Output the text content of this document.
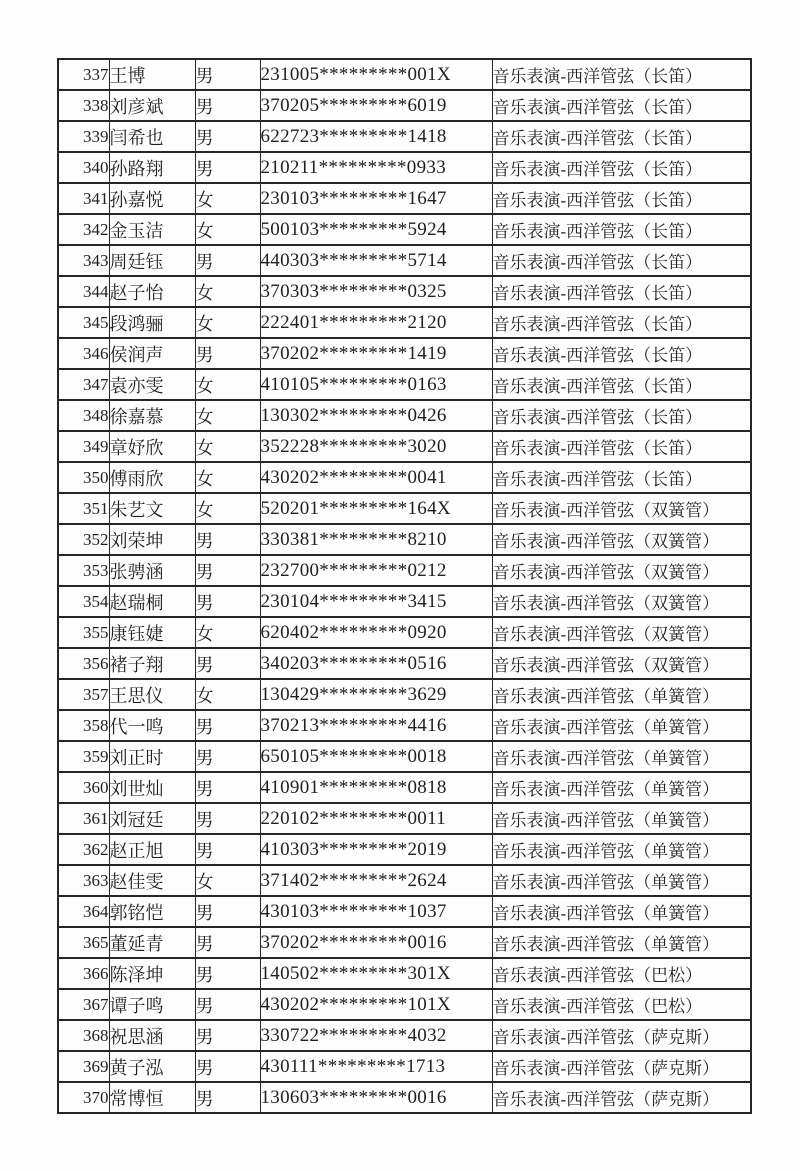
337	王博	男	231005*********001X	音乐表演-西洋管弦（长笛）
338	刘彦斌	男	370205*********6019	音乐表演-西洋管弦（长笛）
339	闫希也	男	622723*********1418	音乐表演-西洋管弦（长笛）
340	孙路翔	男	210211*********0933	音乐表演-西洋管弦（长笛）
341	孙嘉悦	女	230103*********1647	音乐表演-西洋管弦（长笛）
342	金玉洁	女	500103*********5924	音乐表演-西洋管弦（长笛）
343	周廷钰	男	440303*********5714	音乐表演-西洋管弦（长笛）
344	赵子怡	女	370303*********0325	音乐表演-西洋管弦（长笛）
345	段鸿骊	女	222401*********2120	音乐表演-西洋管弦（长笛）
346	侯润声	男	370202*********1419	音乐表演-西洋管弦（长笛）
347	袁亦雯	女	410105*********0163	音乐表演-西洋管弦（长笛）
348	徐嘉慕	女	130302*********0426	音乐表演-西洋管弦（长笛）
349	章妤欣	女	352228*********3020	音乐表演-西洋管弦（长笛）
350	傅雨欣	女	430202*********0041	音乐表演-西洋管弦（长笛）
351	朱艺文	女	520201*********164X	音乐表演-西洋管弦（双簧管）
352	刘荣坤	男	330381*********8210	音乐表演-西洋管弦（双簧管）
353	张骋涵	男	232700*********0212	音乐表演-西洋管弦（双簧管）
354	赵瑞桐	男	230104*********3415	音乐表演-西洋管弦（双簧管）
355	康钰婕	女	620402*********0920	音乐表演-西洋管弦（双簧管）
356	褚子翔	男	340203*********0516	音乐表演-西洋管弦（双簧管）
357	王思仪	女	130429*********3629	音乐表演-西洋管弦（单簧管）
358	代一鸣	男	370213*********4416	音乐表演-西洋管弦（单簧管）
359	刘正时	男	650105*********0018	音乐表演-西洋管弦（单簧管）
360	刘世灿	男	410901*********0818	音乐表演-西洋管弦（单簧管）
361	刘冠廷	男	220102*********0011	音乐表演-西洋管弦（单簧管）
362	赵正旭	男	410303*********2019	音乐表演-西洋管弦（单簧管）
363	赵佳雯	女	371402*********2624	音乐表演-西洋管弦（单簧管）
364	郭铭恺	男	430103*********1037	音乐表演-西洋管弦（单簧管）
365	董延青	男	370202*********0016	音乐表演-西洋管弦（单簧管）
366	陈泽坤	男	140502*********301X	音乐表演-西洋管弦（巴松）
367	谭子鸣	男	430202*********101X	音乐表演-西洋管弦（巴松）
368	祝思涵	男	330722*********4032	音乐表演-西洋管弦（萨克斯）
369	黄子泓	男	430111*********1713	音乐表演-西洋管弦（萨克斯）
370	常博恒	男	130603*********0016	音乐表演-西洋管弦（萨克斯）
